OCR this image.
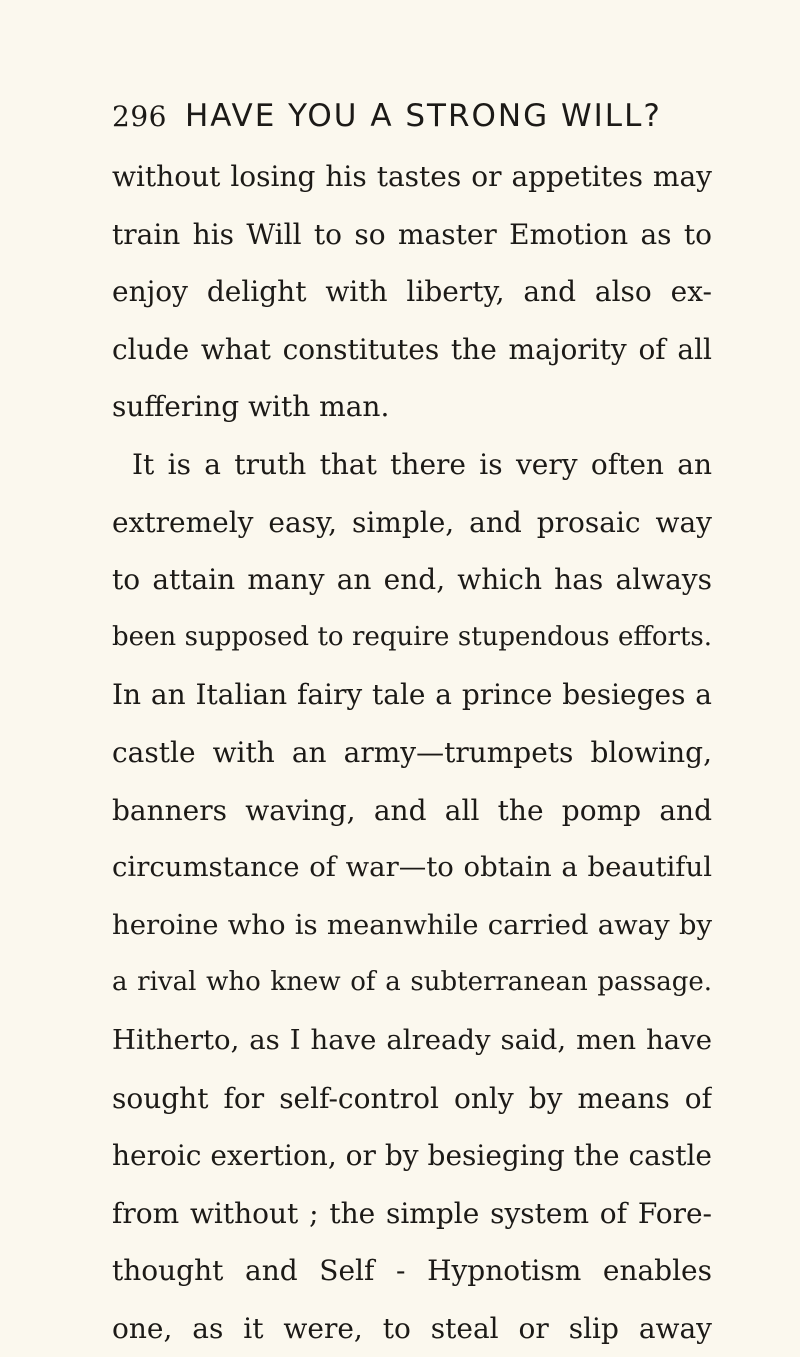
296 HAVE YOU A STRONG WILL?
without losing his tastes or appetites may
train his Will to so master Emotion as to
enjoy delight with liberty, and also ex-
clude what constitutes the majority of all
suffering with man.
It is a truth that there is very often an
extremely easy, simple, and prosaic way
to attain many an end, which has always
been supposed to require stupendous efforts.
In an Italian fairy tale a prince besieges a
castle with an army—trumpets blowing,
banners waving, and all the pomp and
circumstance of war—to obtain a beautiful
heroine who is meanwhile carried away by
a rival who knew of a subterranean passage.
Hitherto, as I have already said, men have
sought for self-control only by means of
heroic exertion, or by besieging the castle
from without ; the simple system of Fore-
thought and Self - Hypnotism enables
one, as it were, to steal or slip away
